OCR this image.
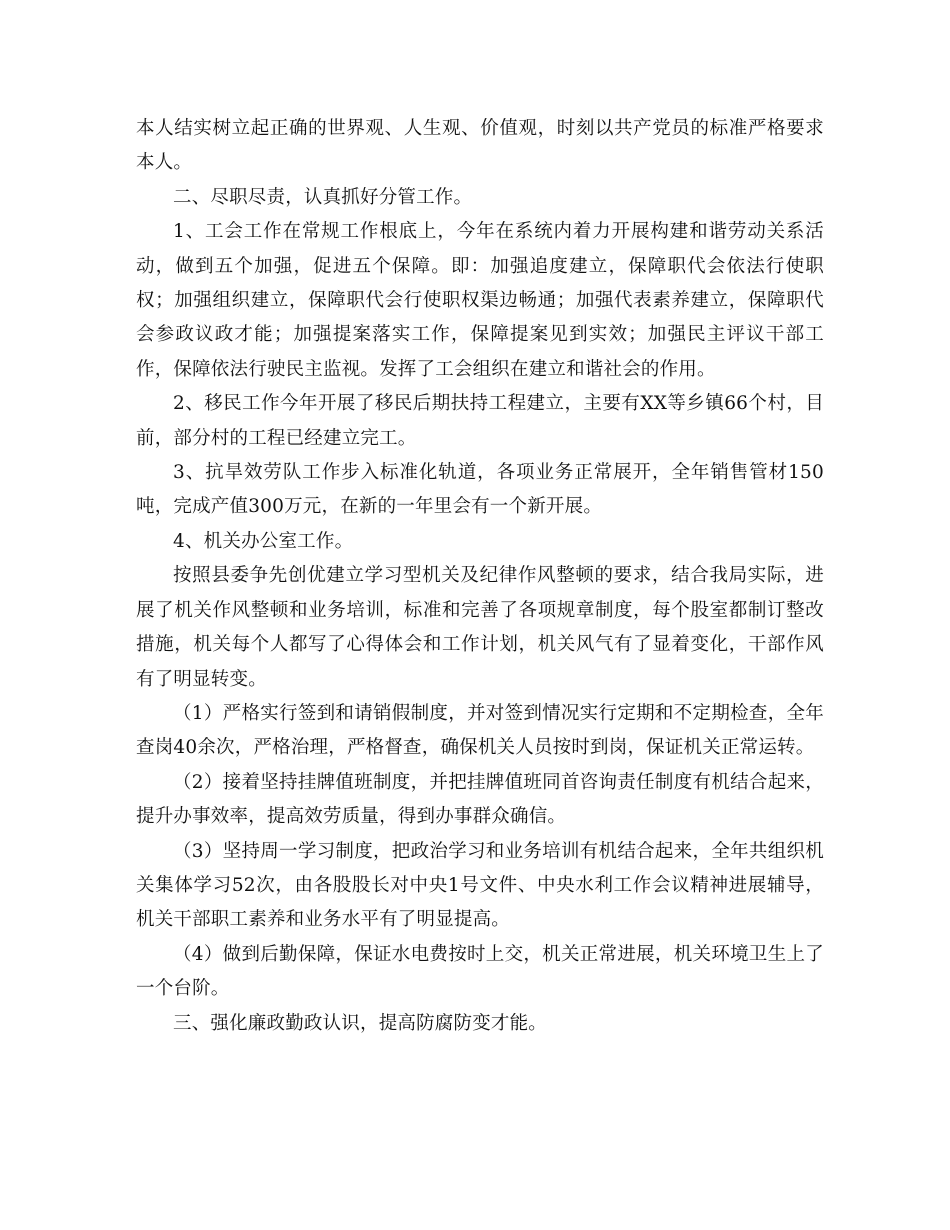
本人结实树立起正确的世界观、人生观、价值观，时刻以共产党员的标准严格要求本人。

二、尽职尽责，认真抓好分管工作。

1、工会工作在常规工作根底上，今年在系统内着力开展构建和谐劳动关系活动，做到五个加强，促进五个保障。即：加强追度建立，保障职代会依法行使职权；加强组织建立，保障职代会行使职权渠边畅通；加强代表素养建立，保障职代会参政议政才能；加强提案落实工作，保障提案见到实效；加强民主评议干部工作，保障依法行驶民主监视。发挥了工会组织在建立和谐社会的作用。

2、移民工作今年开展了移民后期扶持工程建立，主要有XX等乡镇66个村，目前，部分村的工程已经建立完工。

3、抗旱效劳队工作步入标准化轨道，各项业务正常展开，全年销售管材150吨，完成产值300万元，在新的一年里会有一个新开展。

4、机关办公室工作。

按照县委争先创优建立学习型机关及纪律作风整顿的要求，结合我局实际，进展了机关作风整顿和业务培训，标准和完善了各项规章制度，每个股室都制订整改措施，机关每个人都写了心得体会和工作计划，机关风气有了显着变化，干部作风有了明显转变。

（1）严格实行签到和请销假制度，并对签到情况实行定期和不定期检查，全年查岗40余次，严格治理，严格督查，确保机关人员按时到岗，保证机关正常运转。

（2）接着坚持挂牌值班制度，并把挂牌值班同首咨询责任制度有机结合起来，提升办事效率，提高效劳质量，得到办事群众确信。

（3）坚持周一学习制度，把政治学习和业务培训有机结合起来，全年共组织机关集体学习52次，由各股股长对中央1号文件、中央水利工作会议精神进展辅导，机关干部职工素养和业务水平有了明显提高。

（4）做到后勤保障，保证水电费按时上交，机关正常进展，机关环境卫生上了一个台阶。

三、强化廉政勤政认识，提高防腐防变才能。
